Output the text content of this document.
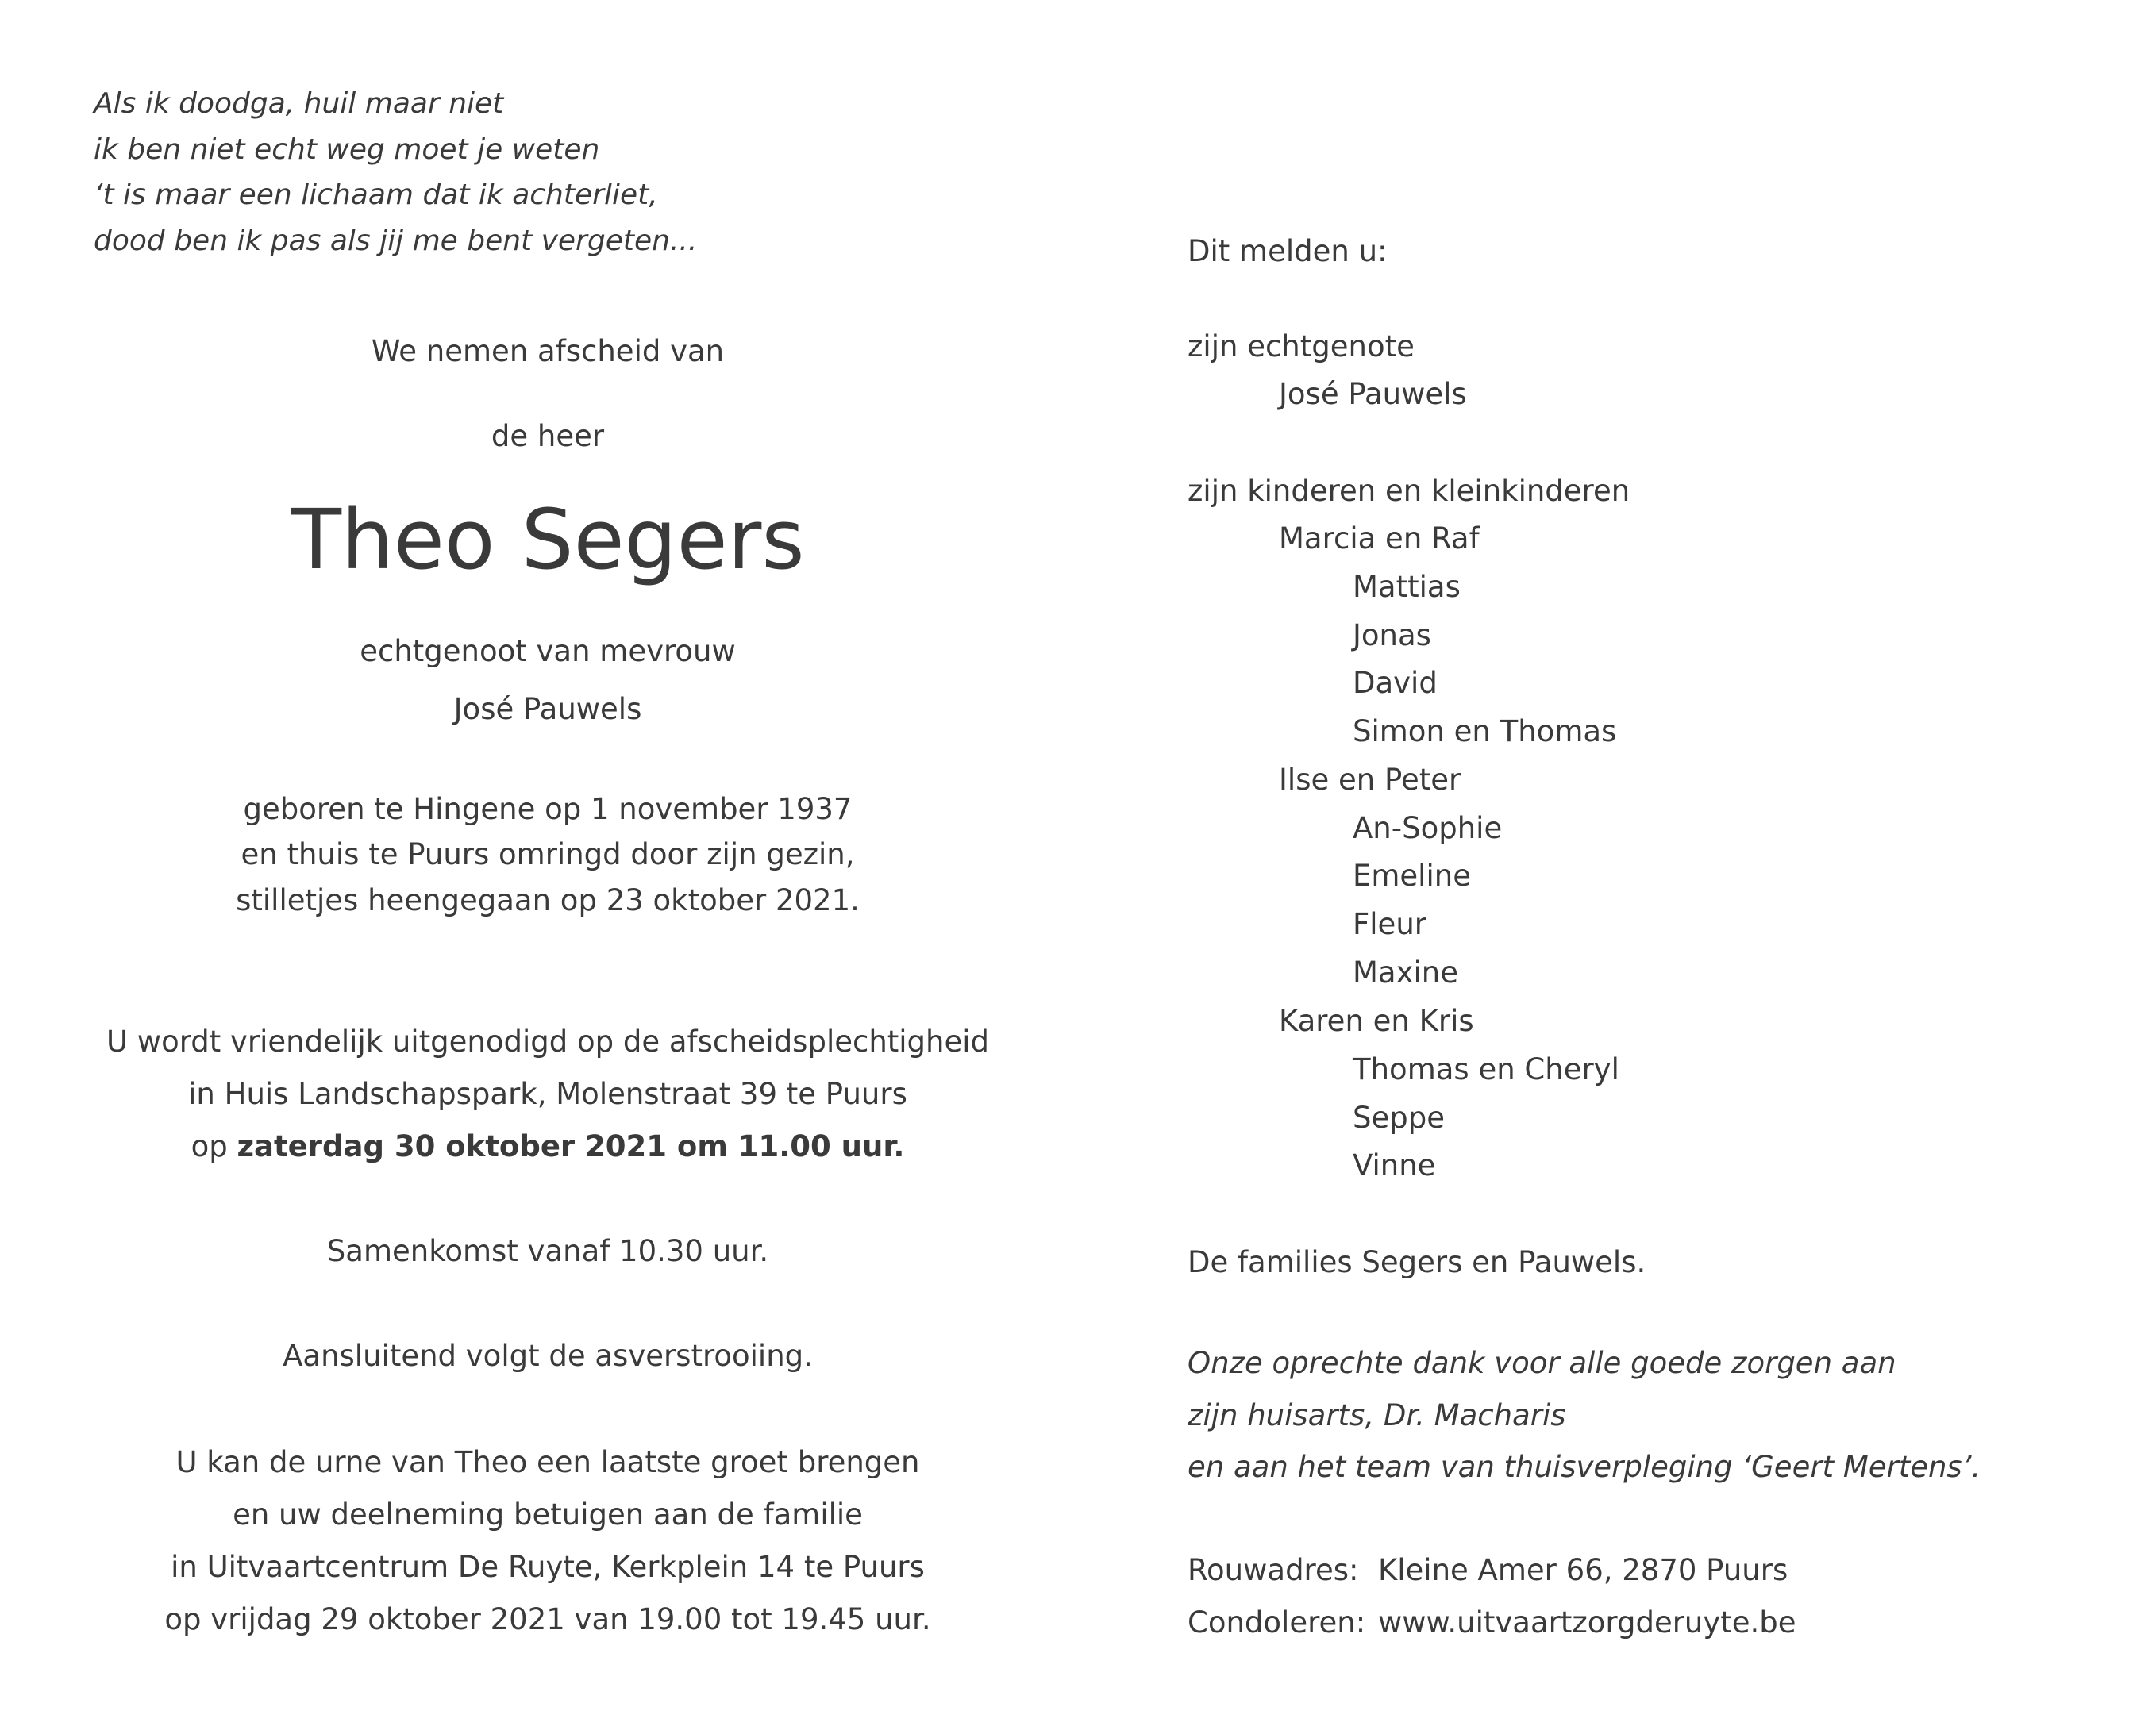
Als ik doodga, huil maar niet
ik ben niet echt weg moet je weten
‘t is maar een lichaam dat ik achterliet,
dood ben ik pas als jij me bent vergeten...
We nemen afscheid van
de heer
Theo Segers
echtgenoot van mevrouw
José Pauwels
geboren te Hingene op 1 november 1937
en thuis te Puurs omringd door zijn gezin,
stilletjes heengegaan op 23 oktober 2021.
U wordt vriendelijk uitgenodigd op de afscheidsplechtigheid
in Huis Landschapspark, Molenstraat 39 te Puurs
op zaterdag 30 oktober 2021 om 11.00 uur.
Samenkomst vanaf 10.30 uur.
Aansluitend volgt de asverstrooiing.
U kan de urne van Theo een laatste groet brengen
en uw deelneming betuigen aan de familie
in Uitvaartcentrum De Ruyte, Kerkplein 14 te Puurs
op vrijdag 29 oktober 2021 van 19.00 tot 19.45 uur.
Dit melden u:
zijn echtgenote
José Pauwels
zijn kinderen en kleinkinderen
Marcia en Raf
Mattias
Jonas
David
Simon en Thomas
Ilse en Peter
An-Sophie
Emeline
Fleur
Maxine
Karen en Kris
Thomas en Cheryl
Seppe
Vinne
De families Segers en Pauwels.
Onze oprechte dank voor alle goede zorgen aan
zijn huisarts, Dr. Macharis
en aan het team van thuisverpleging ‘Geert Mertens’.
Rouwadres: Kleine Amer 66, 2870 Puurs
Condoleren: www.uitvaartzorgderuyte.be
